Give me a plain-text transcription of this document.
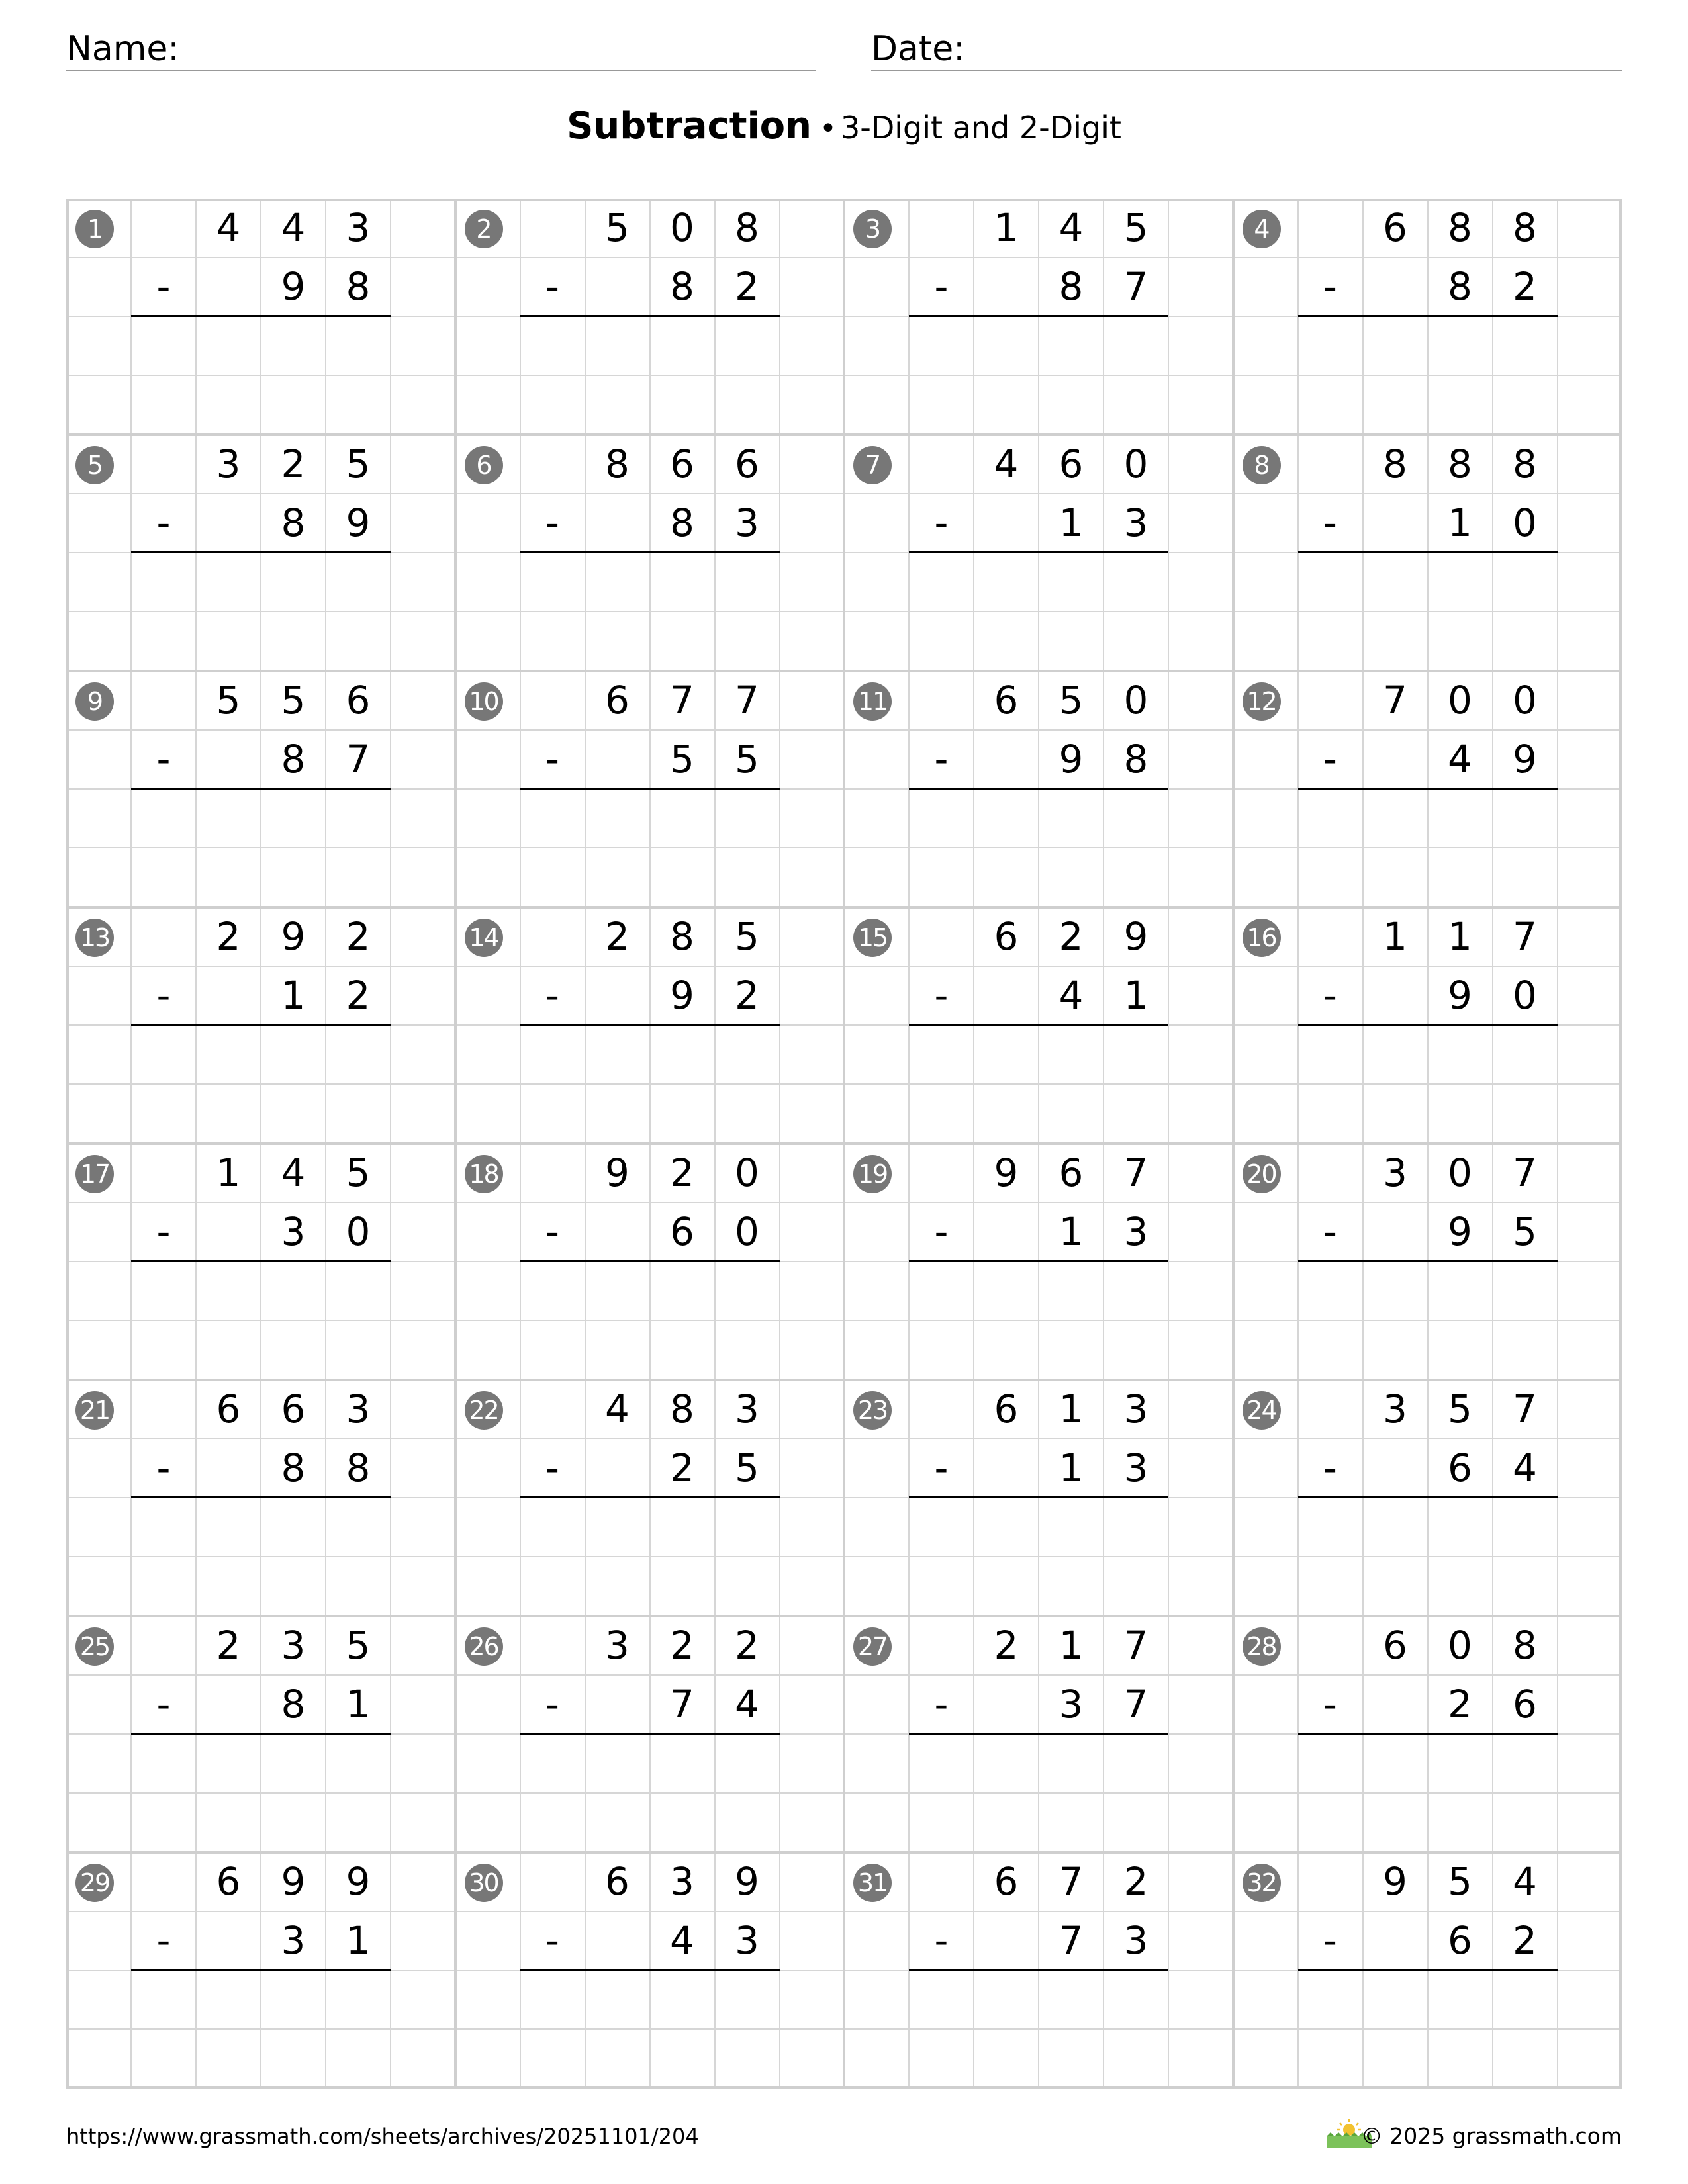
Name:	Date:
Subtraction • 3-Digit and 2-Digit
1	4	4	3
-	9	8
2	5	0	8
-	8	2
3	1	4	5
-	8	7
4	6	8	8
-	8	2
5	3	2	5
-	8	9
6	8	6	6
-	8	3
7	4	6	0
-	1	3
8	8	8	8
-	1	0
9	5	5	6
-	8	7
10	6	7	7
-	5	5
11	6	5	0
-	9	8
12	7	0	0
-	4	9
13	2	9	2
-	1	2
14	2	8	5
-	9	2
15	6	2	9
-	4	1
16	1	1	7
-	9	0
17	1	4	5
-	3	0
18	9	2	0
-	6	0
19	9	6	7
-	1	3
20	3	0	7
-	9	5
21	6	6	3
-	8	8
22	4	8	3
-	2	5
23	6	1	3
-	1	3
24	3	5	7
-	6	4
25	2	3	5
-	8	1
26	3	2	2
-	7	4
27	2	1	7
-	3	7
28	6	0	8
-	2	6
29	6	9	9
-	3	1
30	6	3	9
-	4	3
31	6	7	2
-	7	3
32	9	5	4
-	6	2
https://www.grassmath.com/sheets/archives/20251101/204	© 2025 grassmath.com
